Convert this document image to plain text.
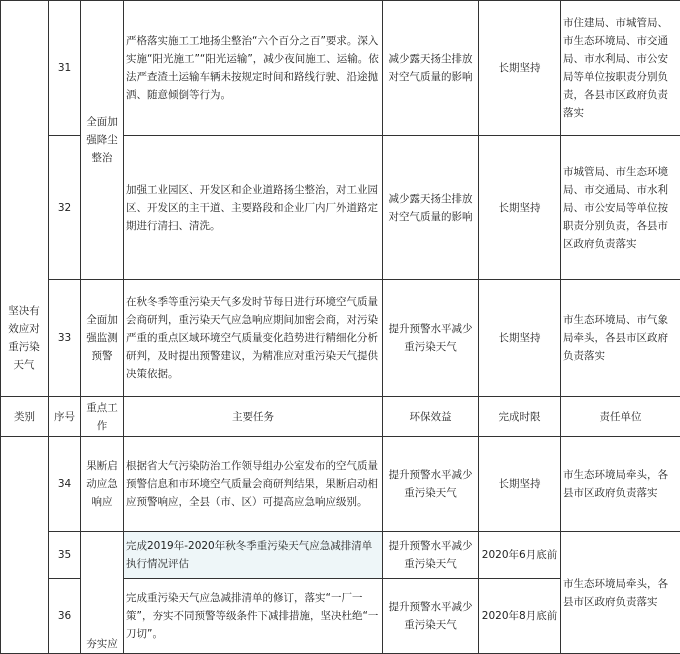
	31	全面加强降尘整治	严格落实施工工地扬尘整治“六个百分之百”要求。深入实施“阳光施工”“阳光运输”，减少夜间施工、运输。依法严查渣土运输车辆未按规定时间和路线行驶、沿途抛洒、随意倾倒等行为。	减少露天扬尘排放对空气质量的影响	长期坚持	市住建局、市城管局、市生态环境局、市交通局、市水利局、市公安局等单位按职责分别负责，各县市区政府负责落实
	32		加强工业园区、开发区和企业道路扬尘整治，对工业园区、开发区的主干道、主要路段和企业厂内厂外道路定期进行清扫、清洗。	减少露天扬尘排放对空气质量的影响	长期坚持	市城管局、市生态环境局、市交通局、市水利局、市公安局等单位按职责分别负责，各县市区政府负责落实
	33	全面加强监测预警	在秋冬季等重污染天气多发时节每日进行环境空气质量会商研判，重污染天气应急响应期间加密会商，对污染严重的重点区域环境空气质量变化趋势进行精细化分析研判，及时提出预警建议，为精准应对重污染天气提供决策依据。	提升预警水平减少重污染天气	长期坚持	市生态环境局、市气象局牵头，各县市区政府负责落实
类别	序号	重点工作	主要任务	环保效益	完成时限	责任单位
	34	果断启动应急响应	根据省大气污染防治工作领导组办公室发布的空气质量预警信息和市环境空气质量会商研判结果，果断启动相应预警响应，全县（市、区）可提高应急响应级别。	提升预警水平减少重污染天气	长期坚持	市生态环境局牵头，各县市区政府负责落实
	35	夯实应	完成2019年-2020年秋冬季重污染天气应急减排清单执行情况评估	提升预警水平减少重污染天气	2020年6月底前	市生态环境局牵头，各县市区政府负责落实
	36		完成重污染天气应急减排清单的修订，落实“一厂一策”，夯实不同预警等级条件下减排措施，坚决杜绝“一刀切”。	提升预警水平减少重污染天气	2020年8月底前	
坚决有效应对重污染天气
